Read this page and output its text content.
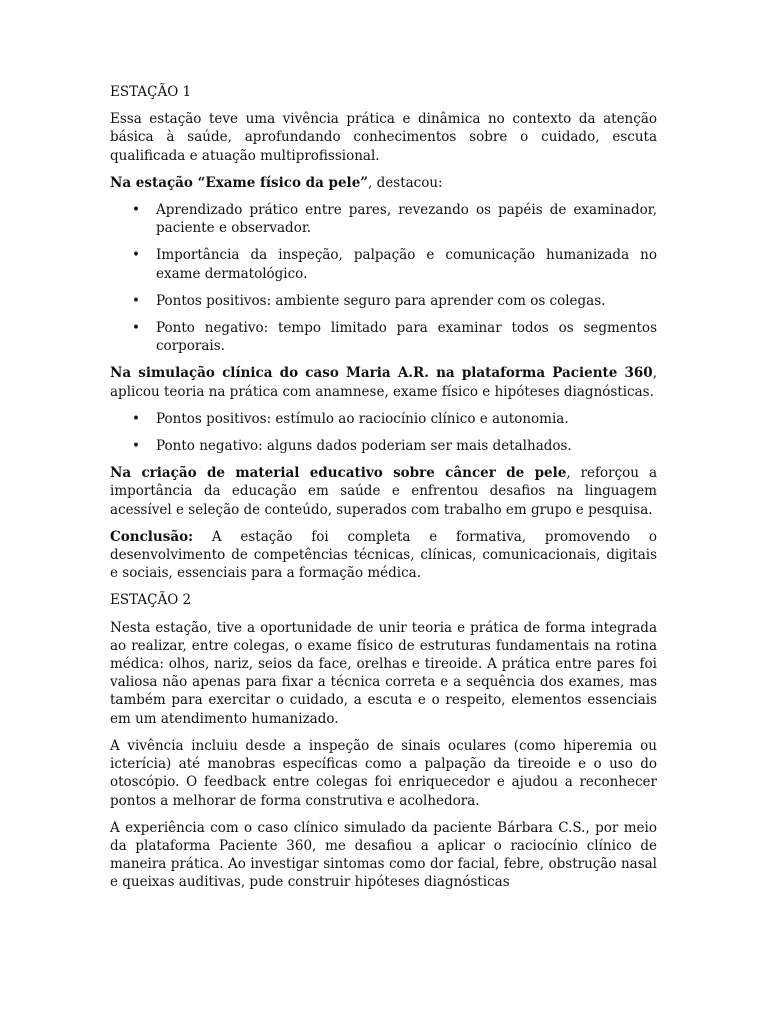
ESTAÇÃO 1

Essa estação teve uma vivência prática e dinâmica no contexto da atenção básica à saúde, aprofundando conhecimentos sobre o cuidado, escuta qualificada e atuação multiprofissional.

Na estação “Exame físico da pele”, destacou:

• Aprendizado prático entre pares, revezando os papéis de examinador, paciente e observador.
• Importância da inspeção, palpação e comunicação humanizada no exame dermatológico.
• Pontos positivos: ambiente seguro para aprender com os colegas.
• Ponto negativo: tempo limitado para examinar todos os segmentos corporais.

Na simulação clínica do caso Maria A.R. na plataforma Paciente 360, aplicou teoria na prática com anamnese, exame físico e hipóteses diagnósticas.

• Pontos positivos: estímulo ao raciocínio clínico e autonomia.
• Ponto negativo: alguns dados poderiam ser mais detalhados.

Na criação de material educativo sobre câncer de pele, reforçou a importância da educação em saúde e enfrentou desafios na linguagem acessível e seleção de conteúdo, superados com trabalho em grupo e pesquisa.

Conclusão: A estação foi completa e formativa, promovendo o desenvolvimento de competências técnicas, clínicas, comunicacionais, digitais e sociais, essenciais para a formação médica.

ESTAÇÃO 2

Nesta estação, tive a oportunidade de unir teoria e prática de forma integrada ao realizar, entre colegas, o exame físico de estruturas fundamentais na rotina médica: olhos, nariz, seios da face, orelhas e tireoide. A prática entre pares foi valiosa não apenas para fixar a técnica correta e a sequência dos exames, mas também para exercitar o cuidado, a escuta e o respeito, elementos essenciais em um atendimento humanizado.

A vivência incluiu desde a inspeção de sinais oculares (como hiperemia ou icterícia) até manobras específicas como a palpação da tireoide e o uso do otoscópio. O feedback entre colegas foi enriquecedor e ajudou a reconhecer pontos a melhorar de forma construtiva e acolhedora.

A experiência com o caso clínico simulado da paciente Bárbara C.S., por meio da plataforma Paciente 360, me desafiou a aplicar o raciocínio clínico de maneira prática. Ao investigar sintomas como dor facial, febre, obstrução nasal e queixas auditivas, pude construir hipóteses diagnósticas
